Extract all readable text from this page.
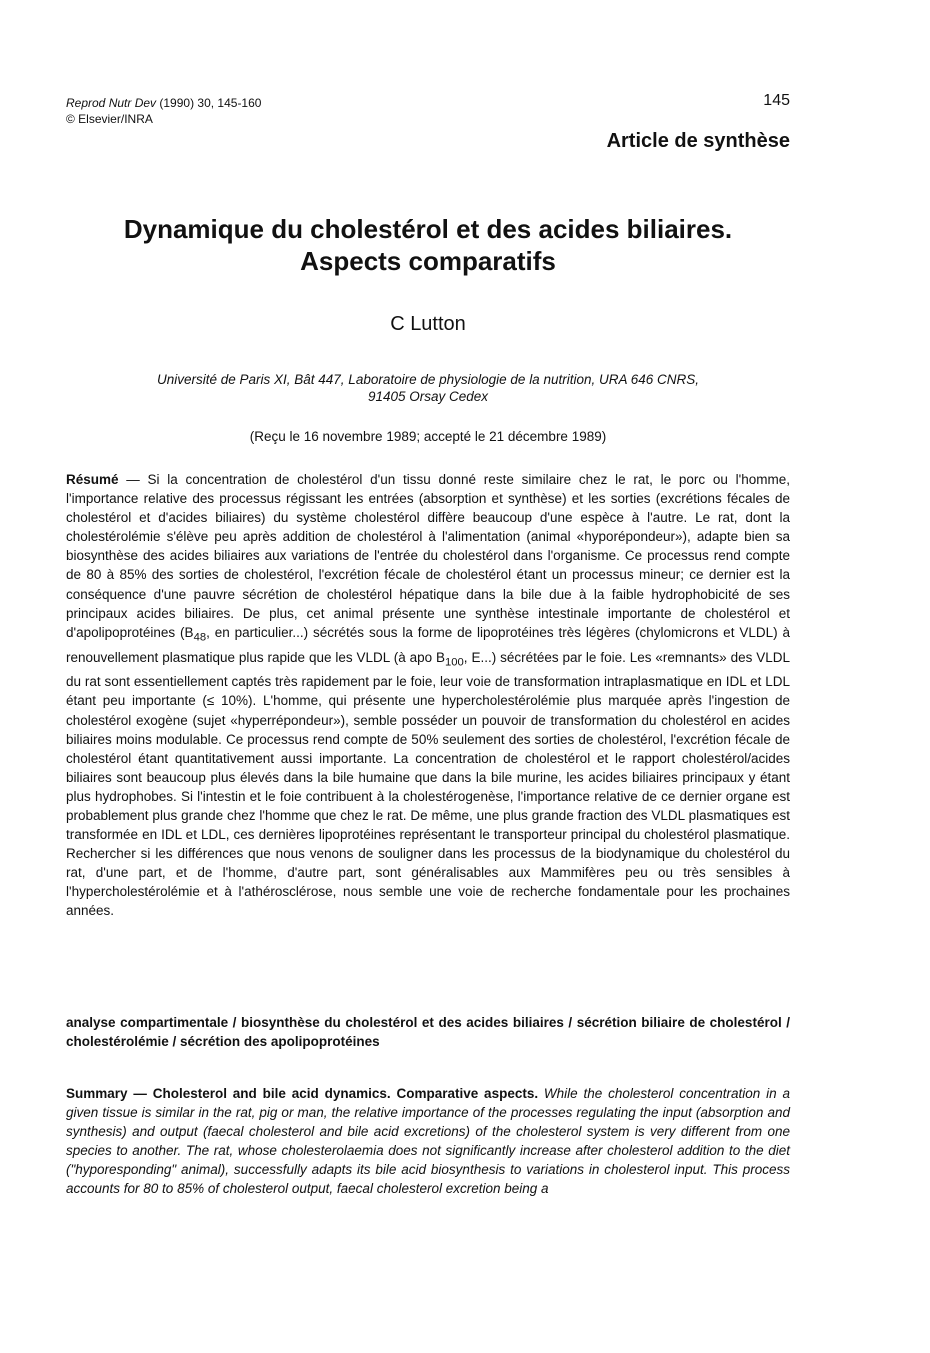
Reprod Nutr Dev (1990) 30, 145-160
© Elsevier/INRA
145
Article de synthèse
Dynamique du cholestérol et des acides biliaires.
Aspects comparatifs
C Lutton
Université de Paris XI, Bât 447, Laboratoire de physiologie de la nutrition, URA 646 CNRS,
91405 Orsay Cedex
(Reçu le 16 novembre 1989; accepté le 21 décembre 1989)

Résumé — Si la concentration de cholestérol d'un tissu donné reste similaire chez le rat, le porc ou l'homme, l'importance relative des processus régissant les entrées (absorption et synthèse) et les sorties (excrétions fécales de cholestérol et d'acides biliaires) du système cholestérol diffère beaucoup d'une espèce à l'autre. Le rat, dont la cholestérolémie s'élève peu après addition de cholestérol à l'alimentation (animal «hyporépondeur»), adapte bien sa biosynthèse des acides biliaires aux variations de l'entrée du cholestérol dans l'organisme. Ce processus rend compte de 80 à 85% des sorties de cholestérol, l'excrétion fécale de cholestérol étant un processus mineur; ce dernier est la conséquence d'une pauvre sécrétion de cholestérol hépatique dans la bile due à la faible hydrophobicité de ses principaux acides biliaires. De plus, cet animal présente une synthèse intestinale importante de cholestérol et d'apolipoprotéines ($B_{48}$, en particulier...) sécrétés sous la forme de lipoprotéines très légères (chylomicrons et VLDL) à renouvellement plasmatique plus rapide que les VLDL (à apo $B_{100}$, E...) sécrétées par le foie. Les «remnants» des VLDL du rat sont essentiellement captés très rapidement par le foie, leur voie de transformation intraplasmatique en IDL et LDL étant peu importante (≤ 10%). L'homme, qui présente une hypercholestérolémie plus marquée après l'ingestion de cholestérol exogène (sujet «hyperrépondeur»), semble posséder un pouvoir de transformation du cholestérol en acides biliaires moins modulable. Ce processus rend compte de 50% seulement des sorties de cholestérol, l'excrétion fécale de cholestérol étant quantitativement aussi importante. La concentration de cholestérol et le rapport cholestérol/acides biliaires sont beaucoup plus élevés dans la bile humaine que dans la bile murine, les acides biliaires principaux y étant plus hydrophobes. Si l'intestin et le foie contribuent à la cholestérogenèse, l'importance relative de ce dernier organe est probablement plus grande chez l'homme que chez le rat. De même, une plus grande fraction des VLDL plasmatiques est transformée en IDL et LDL, ces dernières lipoprotéines représentant le transporteur principal du cholestérol plasmatique. Rechercher si les différences que nous venons de souligner dans les processus de la biodynamique du cholestérol du rat, d'une part, et de l'homme, d'autre part, sont généralisables aux Mammifères peu ou très sensibles à l'hypercholestérolémie et à l'athérosclérose, nous semble une voie de recherche fondamentale pour les prochaines années.

analyse compartimentale / biosynthèse du cholestérol et des acides biliaires / sécrétion biliaire de cholestérol / cholestérolémie / sécrétion des apolipoprotéines

Summary — Cholesterol and bile acid dynamics. Comparative aspects. While the cholesterol concentration in a given tissue is similar in the rat, pig or man, the relative importance of the processes regulating the input (absorption and synthesis) and output (faecal cholesterol and bile acid excretions) of the cholesterol system is very different from one species to another. The rat, whose cholesterolaemia does not significantly increase after cholesterol addition to the diet ("hyporesponding" animal), successfully adapts its bile acid biosynthesis to variations in cholesterol input. This process accounts for 80 to 85% of cholesterol output, faecal cholesterol excretion being a
